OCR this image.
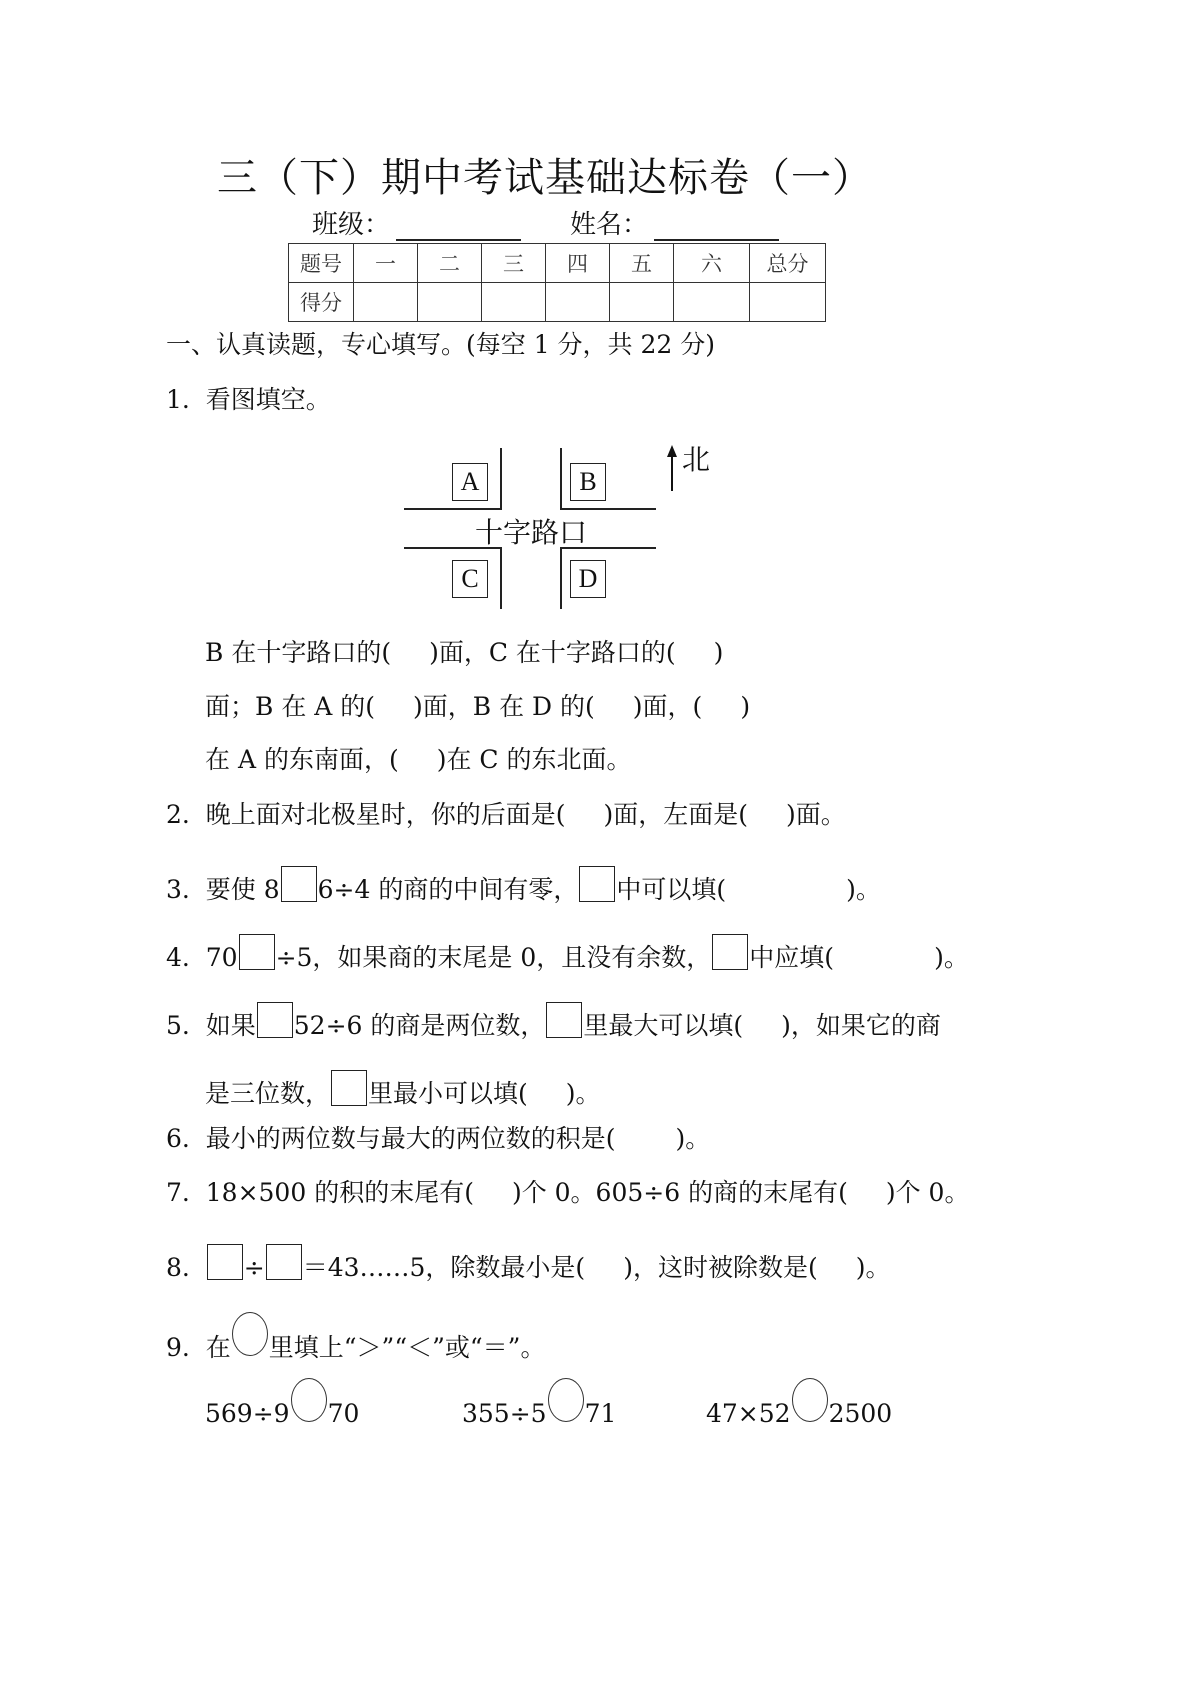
三（下）期中考试基础达标卷（一）
班级：	姓名：
题号	一	二	三	四	五	六	总分
得分							
一、认真读题，专心填写。(每空 1 分，共 22 分)
1. 看图填空。
A	B
C	D
十字路口
北
B 在十字路口的( )面，C 在十字路口的( )
面；B 在 A 的( )面，B 在 D 的( )面，( )
在 A 的东南面，( )在 C 的东北面。
2. 晚上面对北极星时，你的后面是( )面，左面是( )面。
3. 要使 8 6÷4 的商的中间有零， 中可以填(	)。
4. 70 ÷5，如果商的末尾是 0，且没有余数， 中应填(	)。
5. 如果 52÷6 的商是两位数， 里最大可以填( )，如果它的商
是三位数， 里最小可以填( )。
6. 最小的两位数与最大的两位数的积是( )。
7. 18×500 的积的末尾有( )个 0。605÷6 的商的末尾有( )个 0。
8. ÷ ＝43……5，除数最小是( )，这时被除数是( )。
9. 在 里填上“＞”“＜”或“＝”。
569÷9 70	355÷5 71	47×52 2500
